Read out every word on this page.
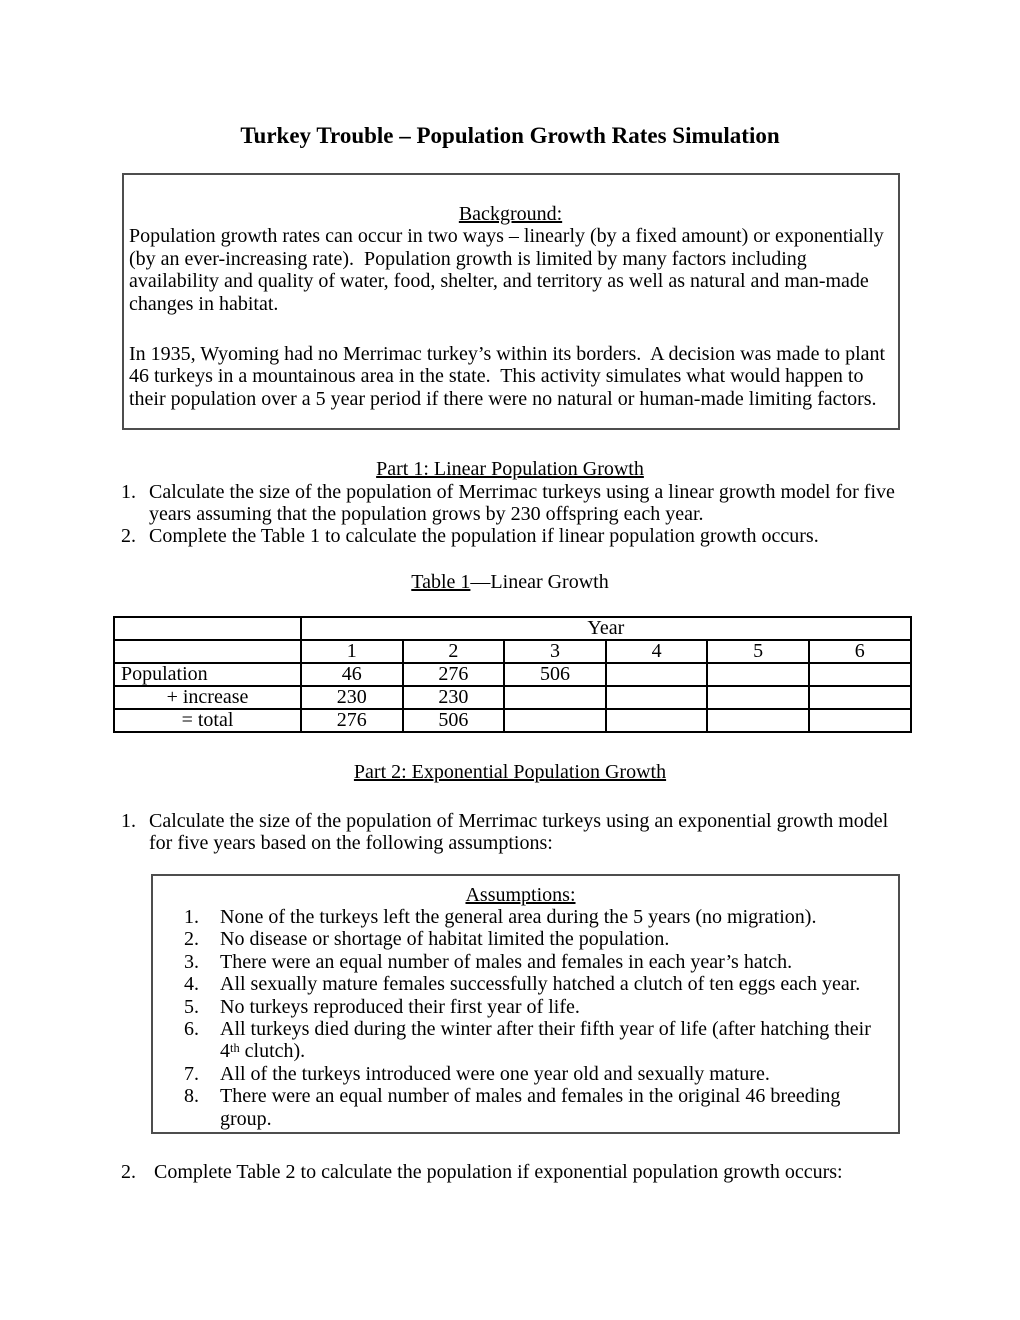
Turkey Trouble – Population Growth Rates Simulation
Background:
Population growth rates can occur in two ways – linearly (by a fixed amount) or exponentially (by an ever-increasing rate).  Population growth is limited by many factors including availability and quality of water, food, shelter, and territory as well as natural and man-made changes in habitat.
In 1935, Wyoming had no Merrimac turkey’s within its borders.  A decision was made to plant 46 turkeys in a mountainous area in the state.  This activity simulates what would happen to their population over a 5 year period if there were no natural or human-made limiting factors.
Part 1: Linear Population Growth
1. Calculate the size of the population of Merrimac turkeys using a linear growth model for five years assuming that the population grows by 230 offspring each year.
2. Complete the Table 1 to calculate the population if linear population growth occurs.
Table 1—Linear Growth
	Year					
	1	2	3	4	5	6
Population	46	276	506			
+ increase	230	230				
= total	276	506				
Part 2: Exponential Population Growth
1. Calculate the size of the population of Merrimac turkeys using an exponential growth model for five years based on the following assumptions:
Assumptions:
1. None of the turkeys left the general area during the 5 years (no migration).
2. No disease or shortage of habitat limited the population.
3. There were an equal number of males and females in each year’s hatch.
4. All sexually mature females successfully hatched a clutch of ten eggs each year.
5. No turkeys reproduced their first year of life.
6. All turkeys died during the winter after their fifth year of life (after hatching their 4th clutch).
7. All of the turkeys introduced were one year old and sexually mature.
8. There were an equal number of males and females in the original 46 breeding group.
2. Complete Table 2 to calculate the population if exponential population growth occurs:
